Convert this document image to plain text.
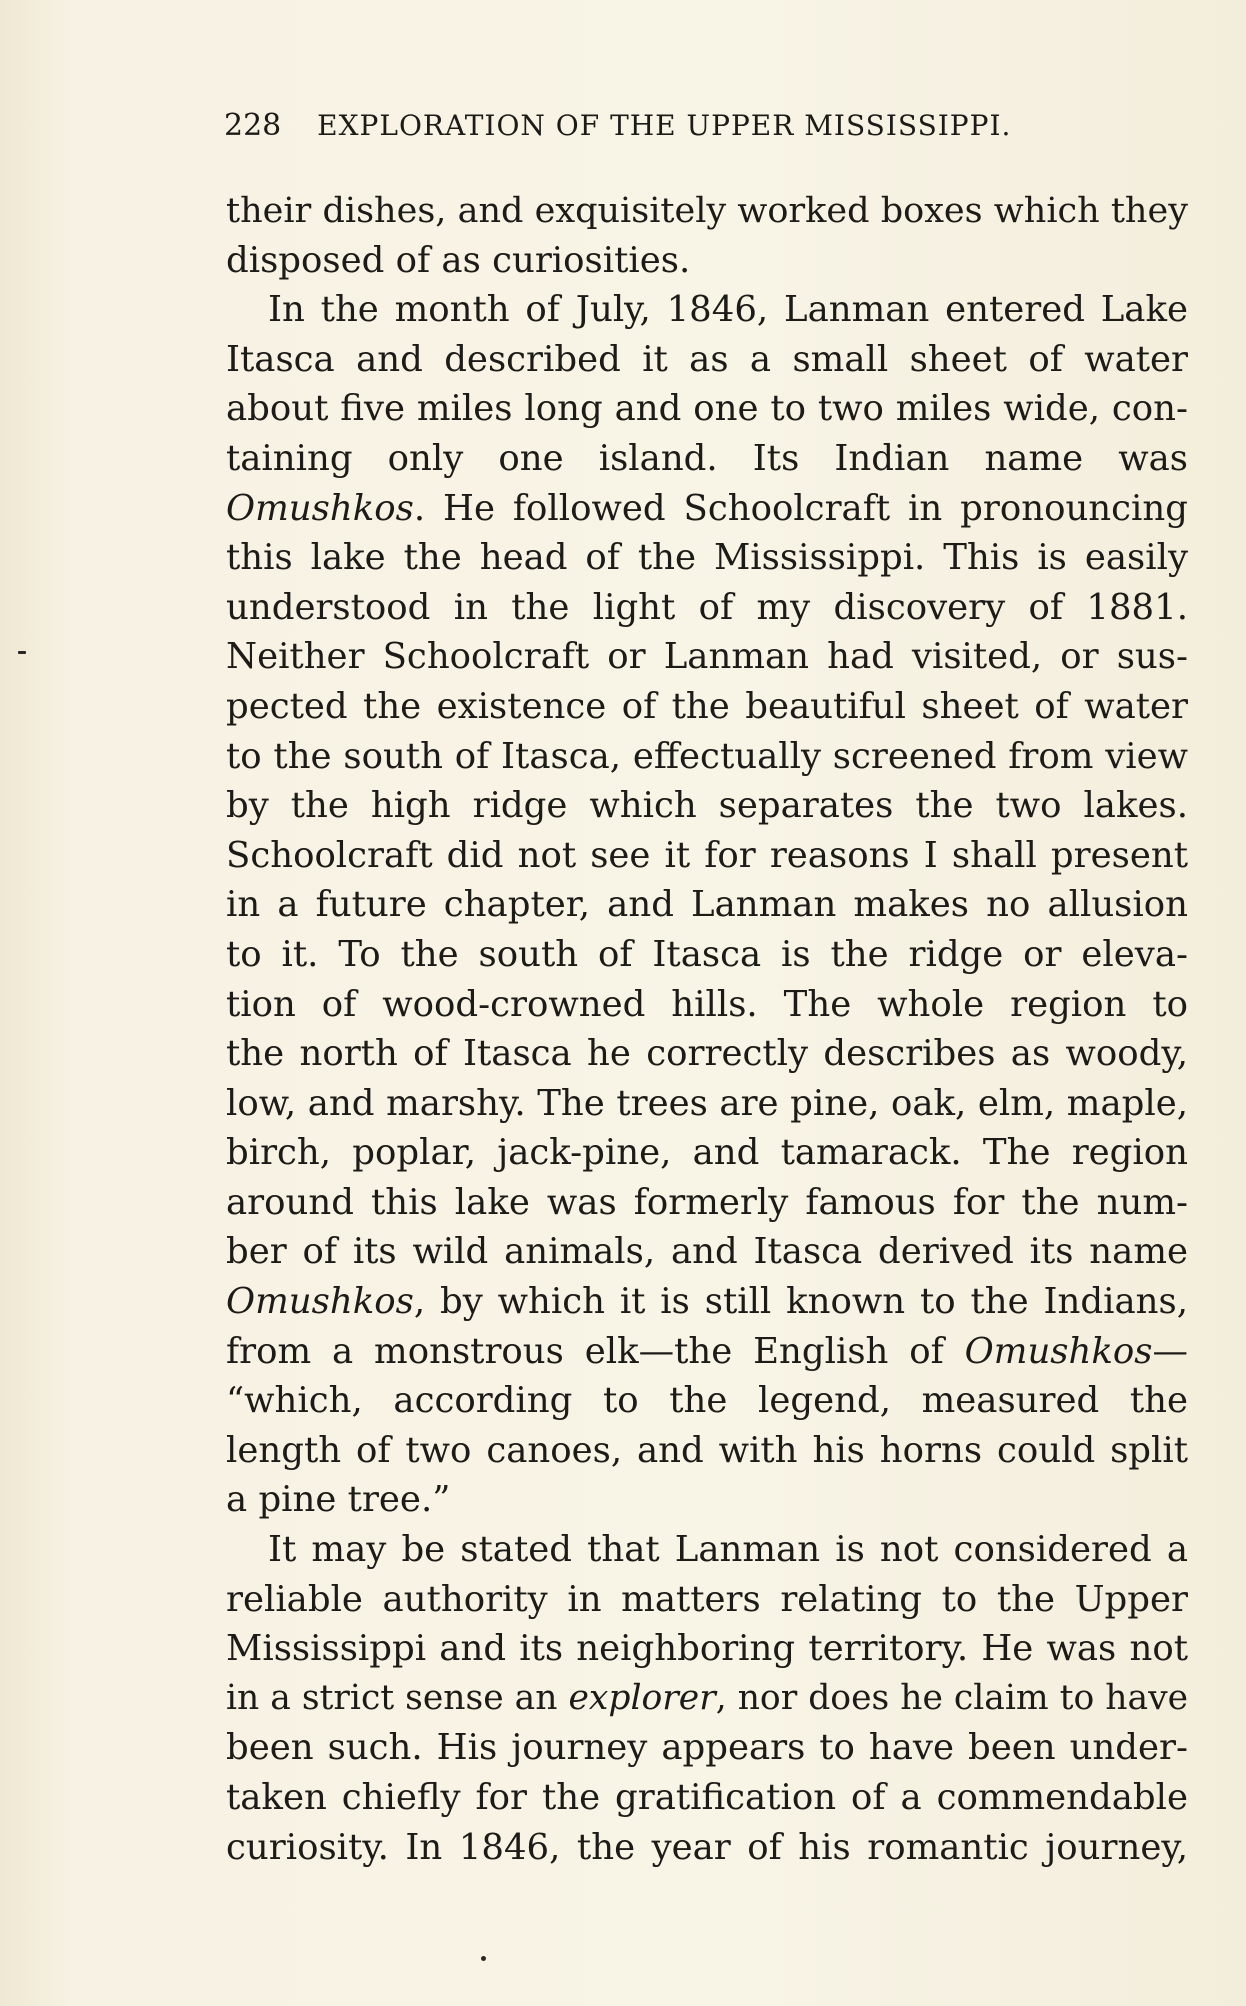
228 EXPLORATION OF THE UPPER MISSISSIPPI.
their dishes, and exquisitely worked boxes which they
disposed of as curiosities.
In the month of July, 1846, Lanman entered Lake
Itasca and described it as a small sheet of water
about five miles long and one to two miles wide, con-
taining only one island. Its Indian name was
Omushkos. He followed Schoolcraft in pronouncing
this lake the head of the Mississippi. This is easily
understood in the light of my discovery of 1881.
Neither Schoolcraft or Lanman had visited, or sus-
pected the existence of the beautiful sheet of water
to the south of Itasca, effectually screened from view
by the high ridge which separates the two lakes.
Schoolcraft did not see it for reasons I shall present
in a future chapter, and Lanman makes no allusion
to it. To the south of Itasca is the ridge or eleva-
tion of wood-crowned hills. The whole region to
the north of Itasca he correctly describes as woody,
low, and marshy. The trees are pine, oak, elm, maple,
birch, poplar, jack-pine, and tamarack. The region
around this lake was formerly famous for the num-
ber of its wild animals, and Itasca derived its name
Omushkos, by which it is still known to the Indians,
from a monstrous elk—the English of Omushkos—
“which, according to the legend, measured the
length of two canoes, and with his horns could split
a pine tree.”
It may be stated that Lanman is not considered a
reliable authority in matters relating to the Upper
Mississippi and its neighboring territory. He was not
in a strict sense an explorer, nor does he claim to have
been such. His journey appears to have been under-
taken chiefly for the gratification of a commendable
curiosity. In 1846, the year of his romantic journey,
